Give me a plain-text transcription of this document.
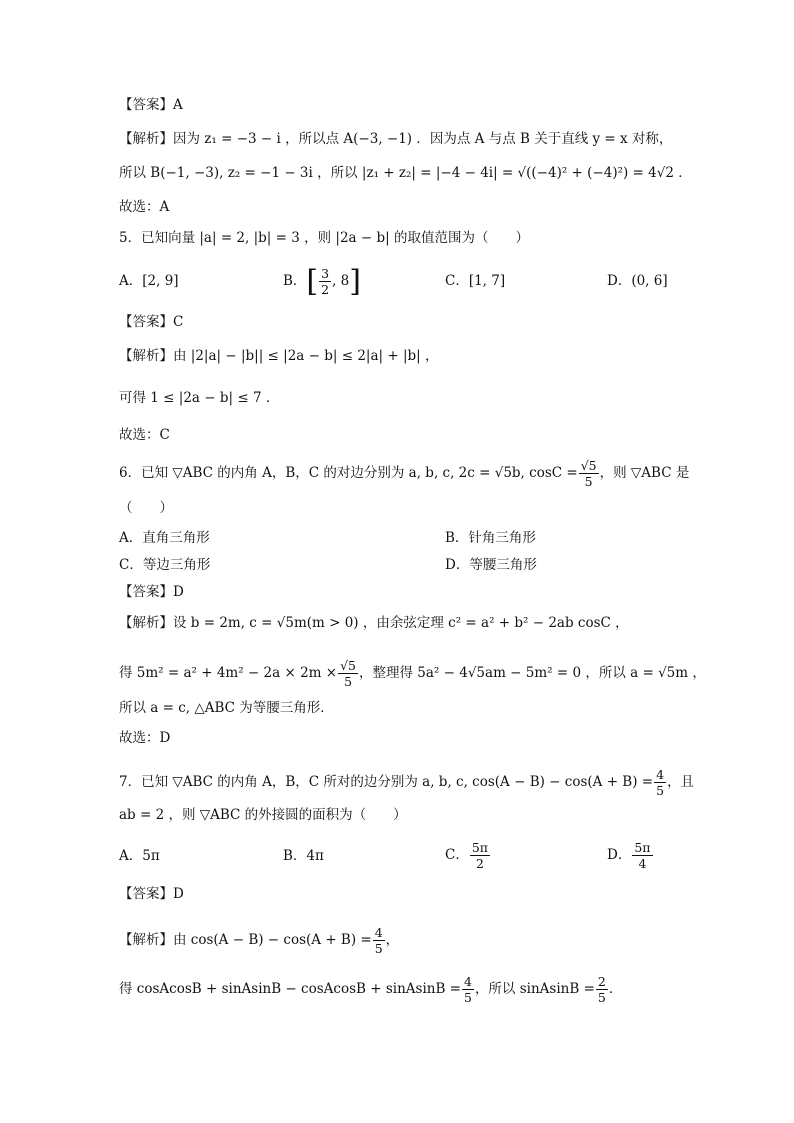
【答案】A
【解析】因为 z₁ = −3 − i ，所以点 A(−3, −1) ．因为点 A 与点 B 关于直线 y = x 对称，
所以 B(−1, −3), z₂ = −1 − 3i ，所以 |z₁ + z₂| = |−4 − 4i| = √((−4)² + (−4)²) = 4√2 ．
故选：A
5．已知向量 |a| = 2, |b| = 3 ，则 |2a − b| 的取值范围为（　　）
A．[2, 9]	B．[ $\frac{3}{2}$ , 8]	C．[1, 7]	D．(0, 6]
【答案】C
【解析】由 |2|a| − |b|| ≤ |2a − b| ≤ 2|a| + |b| ，
可得 1 ≤ |2a − b| ≤ 7 ．
故选：C
6．已知 ▽ABC 的内角 A，B，C 的对边分别为 a, b, c, 2c = √5b, $\cos C = \frac{√5}{5}$ ，则 ▽ABC 是
（　　）
A．直角三角形	B．针角三角形
C．等边三角形	D．等腰三角形
【答案】D
【解析】设 b = 2m, c = √5m(m > 0) ，由余弦定理 c² = a² + b² − 2ab cosC ，
得 $5m^2 = a^2 + 4m^2 - 2a \times 2m \times \frac{√5}{5}$ ，整理得 5a² − 4√5am − 5m² = 0 ，所以 a = √5m ，
所以 a = c, △ABC 为等腰三角形．
故选：D
7．已知 ▽ABC 的内角 A，B，C 所对的边分别为 a, b, c, $\cos(A - B) - \cos(A + B) = \frac{4}{5}$ ，且
ab = 2 ，则 ▽ABC 的外接圆的面积为（　　）
A．5π	B．4π	C． $\frac{5\pi}{2}$	D． $\frac{5\pi}{4}$
【答案】D
【解析】由 $\cos(A - B) - \cos(A + B) = \frac{4}{5}$ ，
得 cosAcosB + sinAsinB − cosAcosB + sinAsinB = $\frac{4}{5}$ ，所以 sinAsinB = $\frac{2}{5}$ ．
